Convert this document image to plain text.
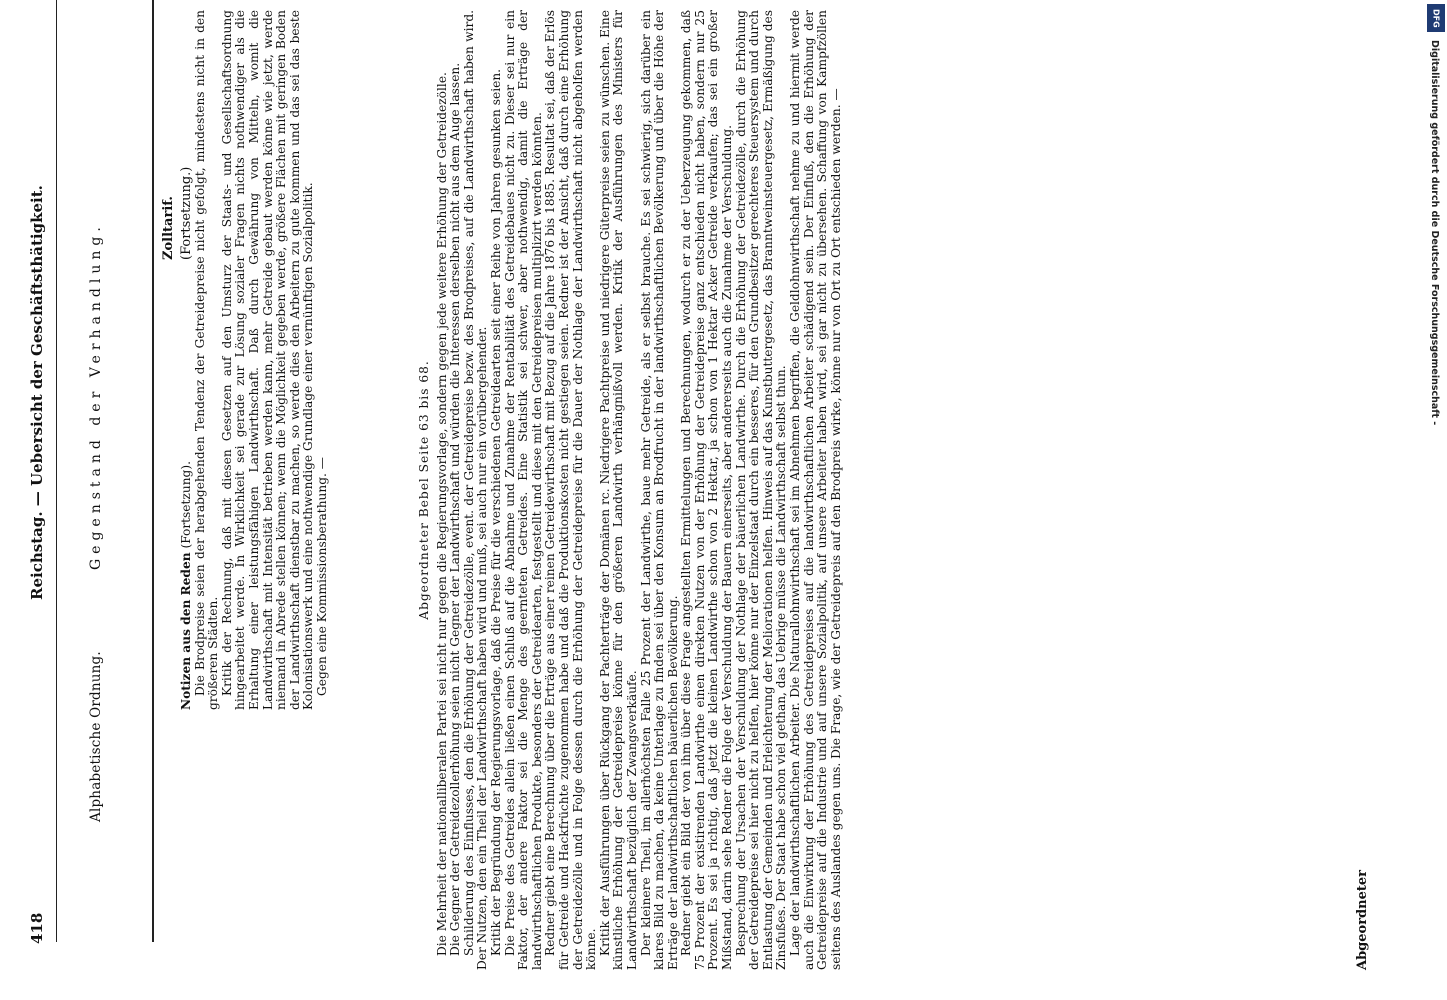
418
Reichstag. — Uebersicht der Geschäftsthätigkeit.
Alphabetische Ordnung.
Gegenstand der Verhandlung.	Zolltarif. (Fortsetzung.)

Notizen aus den Reden (Fortsetzung). Die Brodpreise seien der herabgehenden Tendenz der Getreidepreise nicht gefolgt, mindestens nicht in den größeren Städten. Kritik der Rechnung, daß mit diesen Gesetzen auf den Umsturz der Staats- und Gesellschaftsordnung hingearbeitet werde. In Wirklichkeit sei gerade zur Lösung sozialer Fragen nichts nothwendiger als die Erhaltung einer leistungsfähigen Landwirthschaft. Daß durch Gewährung von Mitteln, womit die Landwirthschaft mit Intensität betrieben werden kann, mehr Getreide gebaut werden könne wie jetzt, werde niemand in Abrede stellen können; wenn die Möglichkeit gegeben werde, größere Flächen mit geringen Boden der Landwirthschaft dienstbar zu machen, so werde dies den Arbeitern zu gute kommen und das sei das beste Kolonisationswerk und eine nothwendige Grundlage einer vernünftigen Sozialpolitik. Gegen eine Kommissionsberathung. —	Abgeordneter Bebel Seite 63 bis 68. Die Mehrheit der nationalliberalen Partei sei nicht nur gegen die Regierungsvorlage, sondern gegen jede weitere Erhöhung der Getreidezölle. Die Gegner der Getreidezollerhöhung seien nicht Gegner der Landwirthschaft und würden die Interessen derselben nicht aus dem Auge lassen. Schilderung des Einflusses, den die Erhöhung der Getreidezölle, event. der Getreidepreise bezw. des Brodpreises, auf die Landwirthschaft haben wird. Der Nutzen, den ein Theil der Landwirthschaft haben wird und muß, sei auch nur ein vorübergehender. Kritik der Begründung der Regierungsvorlage, daß die Preise für die verschiedenen Getreidearten seit einer Reihe von Jahren gesunken seien. Die Preise des Getreides allein ließen einen Schluß auf die Abnahme und Zunahme der Rentabilität des Getreidebaues nicht zu. Dieser sei nur ein Faktor, der andere Faktor sei die Menge des geernteten Getreides. Eine Statistik sei schwer, aber nothwendig, damit die Erträge der landwirthschaftlichen Produkte, besonders der Getreidearten, festgestellt und diese mit den Getreidepreisen multiplizirt werden könnten. Redner giebt eine Berechnung über die Erträge aus einer reinen Getreidewirthschaft mit Bezug auf die Jahre 1876 bis 1885. Resultat sei, daß der Erlös für Getreide und Hackfrüchte zugenommen habe und daß die Produktionskosten nicht gestiegen seien. Redner ist der Ansicht, daß durch eine Erhöhung der Getreidezölle und in Folge dessen durch die Erhöhung der Getreidepreise für die Dauer der Nothlage der Landwirthschaft nicht abgeholfen werden könne. Kritik der Ausführungen über Rückgang der Pachterträge der Domänen rc. Niedrigere Pachtpreise und niedrigere Güterpreise seien zu wünschen. Eine künstliche Erhöhung der Getreidepreise könne für den größeren Landwirth verhängnißvoll werden. Kritik der Ausführungen des Ministers für Landwirthschaft bezüglich der Zwangsverkäufe. Der kleinere Theil, im allerhöchsten Falle 25 Prozent der Landwirthe, baue mehr Getreide, als er selbst brauche. Es sei schwierig, sich darüber ein klares Bild zu machen, da keine Unterlage zu finden sei über den Konsum an Brodfrucht in der landwirthschaftlichen Bevölkerung und über die Höhe der Erträge der landwirthschaftlichen bäuerlichen Bevölkerung. Redner giebt ein Bild der von ihm über diese Frage angestellten Ermittelungen und Berechnungen, wodurch er zu der Ueberzeugung gekommen, daß 75 Prozent der existirenden Landwirthe einen direkten Nutzen von der Erhöhung der Getreidepreise ganz entschieden nicht haben, sondern nur 25 Prozent. Es sei ja richtig, daß jetzt die kleinen Landwirthe schon von 2 Hektar, ja schon von 1 Hektar Acker Getreide verkaufen; das sei ein großer Mißstand, darin sehe Redner die Folge der Verschuldung der Bauern einerseits, aber andererseits auch die Zunahme der Verschuldung. Besprechung der Ursachen der Verschuldung der Nothlage der bäuerlichen Landwirthe. Durch die Erhöhung der Getreidezölle, durch die Erhöhung der Getreidepreise sei hier nicht zu helfen, hier könne nur der Einzelstaat durch ein besseres, für den Grundbesitzer gerechteres Steuersystem und durch Entlastung der Gemeinden und Erleichterung der Meliorationen helfen. Hinweis auf das Kunstbuttergesetz, das Branntweinsteuergesetz, Ermäßigung des Zinsfußes. Der Staat habe schon viel gethan, das Uebrige müsse die Landwirthschaft selbst thun. Lage der landwirthschaftlichen Arbeiter. Die Naturallohnwirthschaft sei im Abnehmen begriffen, die Geldlohnwirthschaft nehme zu und hiermit werde auch die Einwirkung der Erhöhung des Getreidepreises auf die landwirthschaftlichen Arbeiter schädigend sein. Der Einfluß, den die Erhöhung der Getreidepreise auf die Industrie und auf unsere Sozialpolitik, auf unsere Arbeiter haben wird, sei gar nicht zu übersehen. Schaffung von Kampfzöllen seitens des Auslandes gegen uns. Die Frage, wie der Getreidepreis auf den Brodpreis wirke, könne nur von Ort zu Ort entschieden werden. —	Abgeordneter
DFG
Digitalisierung gefördert durch die Deutsche Forschungsgemeinschaft -
